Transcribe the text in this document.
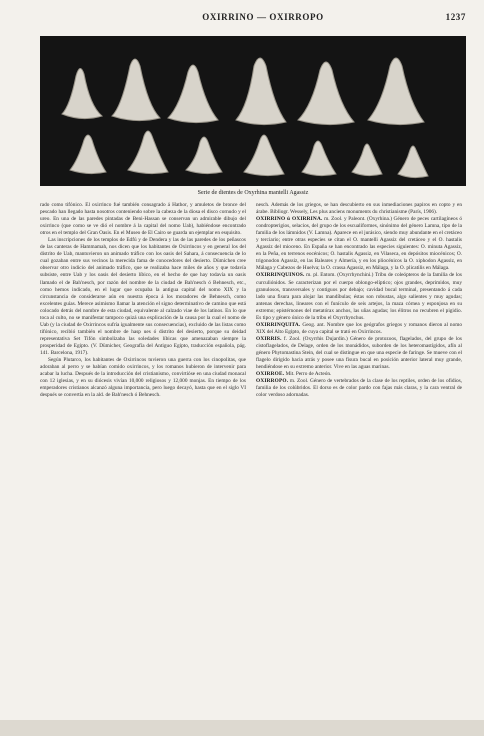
OXIRRINO — OXIRROPO	1237
Serie de dientes de Oxyrhina mantelli Agassiz

rado como tifónico. El oxirrinco fué también consagrado á Hathor, y amuletos de bronce del pescado han llegado hasta nosotros conteniendo sobre la cabeza de la diosa el disco cornudo y el ureo. En una de las paredes pintadas de Beni-Hassan se conservan un admirable dibujo del oxirrinco (que como se ve dió el nombre á la capital del nomo Uab), habiéndose encontrado otros en el templo del Gran Oasis. En el Museo de El Cairo se guarda un ejemplar en esquisito.

Las inscripciones de los templos de Edfú y de Dendera y las de las paredes de los peñascos de las canteras de Hammamah, nos dicen que los habitantes de Oxirrincos y en general los del distrito de Uab, mantuvieron un animado tráfico con los oasis del Sahara, á consecuencia de lo cual gozaban entre sus vecinos la merecida fama de conocedores del desierto. Dümichen cree observar otro indicio del animado tráfico, que se realizaba hace miles de años y que todavía subsiste, entre Uab y los oasis del desierto líbico, en el hecho de que hay todavía un oasis llamado el de Bah'nesch, por razón del nombre de la ciudad de Bah'nesch ó Behnesch, etc., como hemos indicado, en el lugar que ocupaba la antigua capital del nomo XIX y la circunstancia de considerarse aún en nuestra época á los moradores de Behnesch, como excelentes guías. Merece asimismo llamar la atención el signo determinativo de camino que está colocado detrás del nombre de esta ciudad, equivalente al calzado viae de los latinos. En lo que toca al culto, no se manifestar tampoco quizá una explicación de la causa por la cual el nomo de Uab (y la ciudad de Oxirrincos sufría igualmente sus consecuencias), excluido de las listas como tifónico, recibió también el nombre de hasp ues ó distrito del desierto, porque su deidad representativa Set Tifón simbolizaba las soledades líbicas que amenazaban siempre la prosperidad de Egipto. (V. Dümicher, Geografía del Antiguo Egipto, traducción española, pág. 141. Barcelona, 1917).

Según Plutarco, los habitantes de Oxirrincos tuvieron una guerra con los cinopolitas, que adoraban al perro y se habían comido oxirrincos, y los romanos hubieron de intervenir para acabar la lucha. Después de la introducción del cristianismo, convirtióse en una ciudad monacal con 12 iglesias, y en su diócesis vivían 10,000 religiosos y 12,000 monjas. En tiempo de los emperadores cristianos alcanzó alguna importancia, pero luego decayó, hasta que en el siglo VI después se convertía en la ald. de Bah'nesch ó Behnesch.

nesch. Además de los griegos, se han descubierto en sus inmediaciones papiros en copto y en árabe. Bibliogr. Wessely, Les plus anciens monuments du christianisme (París, 1906).

OXIRRINO ú OXIRRINA. m. Zool. y Paleont. (Oxyrhina.) Género de peces cartilagíneos ó condropterigios, selacios, del grupo de los escualiformes, sinónimo del género Lamna, tipo de la familia de los lámnidos (V. Lamna). Aparece en el jurásico, siendo muy abundante en el cretáceo y terciario; entre otras especies se citan el O. mantelli Agassiz del cretáceo y el O. hastalis Agassiz del mioceno. En España se han encontrado las especies siguientes: O. minuta Agassiz, en la Peña, en terrenos eocénicos; O. hastalis Agassiz, en Vilaseca, en depósitos miocénicos; O. trigonodon Agassiz, en las Baleares y Almería, y en los pliocénicos la O. xiphodon Agassiz, en Málaga y Cabezos de Huelva; la O. crassa Agassiz, en Málaga, y la O. plicatilis en Málaga.

OXIRRINQUINOS. m. pl. Entom. (Oxyrrhynchini.) Tribu de coleópteros de la familia de los curculiónidos. Se caracterizan por el cuerpo oblongo-elíptico; ojos grandes, deprimidos, muy granulosos, transversales y contiguos por debajo; cavidad bucal terminal, presentando á cada lado una fisura para alojar las mandíbulas; éstas son robustas, algo salientes y muy agudas; antenas derechas, lineares con el funículo de seis artejos, la maza córnea y esponjosa en su extremo; epistérnones del metatórax anchos, las uñas agudas; los élitros no recubren el pigidio. Es tipo y género único de la tribu el Oxyrrhynchus.

OXIRRINQUITA. Geog. ant. Nombre que los geógrafos griegos y romanos dieron al nomo XIX del Alto Egipto, de cuya capital se trató en Oxirrincos.

OXIRRIS. f. Zool. (Oxyrrhis Dujardin.) Género de protozoos, flagelados, del grupo de los cistoflagelados, de Delage, orden de los monádidos, suborden de los heteromastígidos, afín al género Phytomastina Stein, del cual se distingue en que una especie de faringe. Se mueve con el flagelo dirigido hacia atrás y posee una fisura bucal en posición anterior lateral muy grande, hendiéndose en su extremo anterior. Vive en las aguas marinas.

OXIRROE. Mit. Perro de Acteón.

OXIRROPO. m. Zool. Género de vertebrados de la clase de los reptiles, orden de los ofidios, familia de los colúbridos. El dorso es de color pardo con fajas más claras, y la cara ventral de color verdoso adornadas.
